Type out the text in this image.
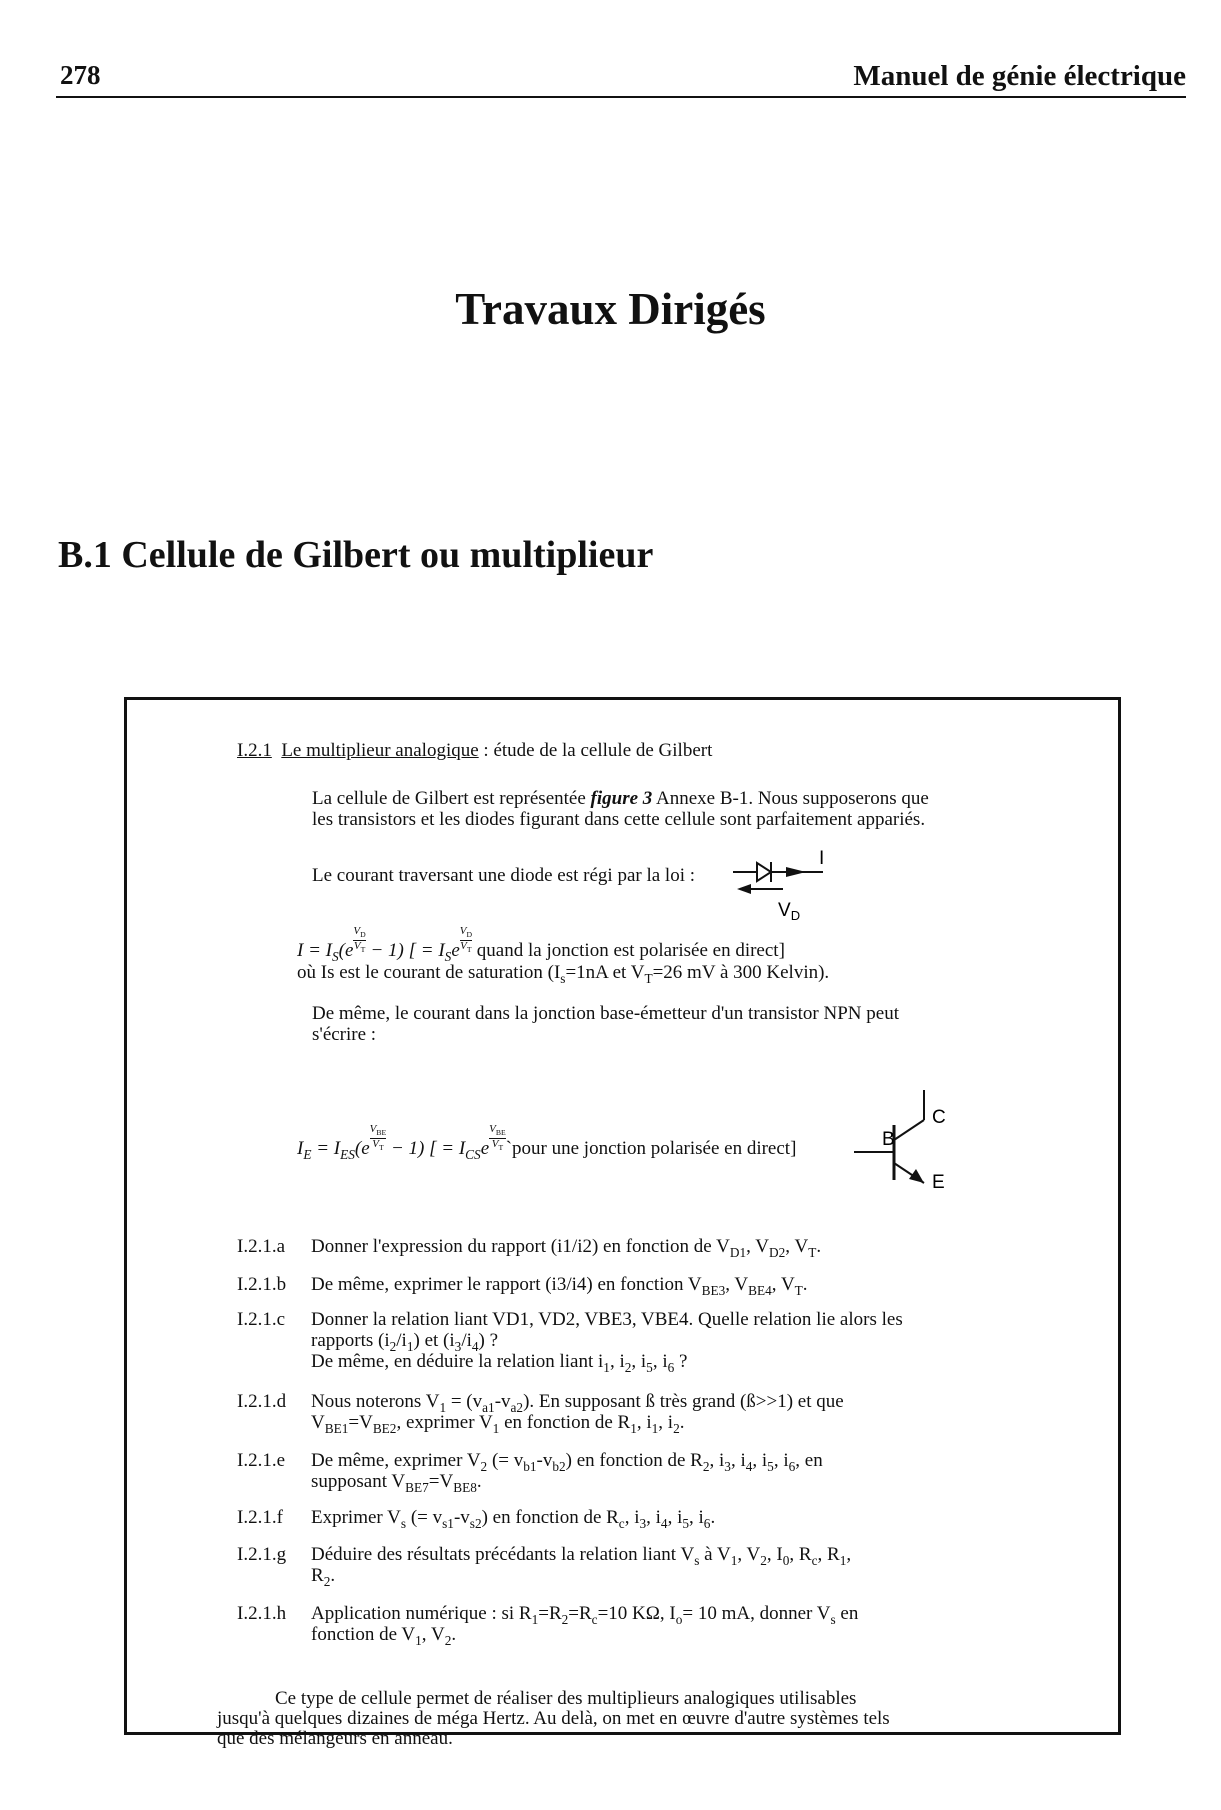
278	Manuel de génie électrique
Travaux Dirigés
B.1 Cellule de Gilbert ou multiplieur
I.2.1 Le multiplieur analogique : étude de la cellule de Gilbert
La cellule de Gilbert est représentée figure 3 Annexe B-1. Nous supposerons que
les transistors et les diodes figurant dans cette cellule sont parfaitement appariés.
Le courant traversant une diode est régi par la loi :
I
$V_D$
$I = I_S(e \frac{V_D}{V_T} - 1)$ [ = $I_Se \frac{V_D}{V_T}$ quand la jonction est polarisée en direct]
où Is est le courant de saturation ($I_s=1nA$ et $V_T=26$ mV à 300 Kelvin).
De même, le courant dans la jonction base-émetteur d'un transistor NPN peut
s'écrire :
$I_E = I_{ES}(e$
$V_{BE}$
$V_T - 1$) [ = $I_{CS}e$
$V_{BE}$
$V_T$ `pour une jonction polarisée en direct]	B
C
E
I.2.1.a Donner l'expression du rapport (i1/i2) en fonction de $V_{D1}$, $V_{D2}$, $V_T$.
I.2.1.b De même, exprimer le rapport (i3/i4) en fonction $V_{BE3}$, $V_{BE4}$, $V_T$.
I.2.1.c Donner la relation liant VD1, VD2, VBE3, VBE4. Quelle relation lie alors les
rapports $(i_2/i_1)$ et $(i_3/i_4)$ ?
De même, en déduire la relation liant $i_1$, $i_2$, $i_5$, $i_6$ ?
I.2.1.d Nous noterons $V_1 = (v_{a1}-v_{a2})$. En supposant ß très grand (ß>>1) et que
$V_{BE1}=V_{BE2}$, exprimer $V_1$ en fonction de $R_1$, $i_1$, $i_2$.
I.2.1.e De même, exprimer $V_2$ (= $v_{b1}-v_{b2}$) en fonction de $R_2$, $i_3$, $i_4$, $i_5$, $i_6$, en
supposant $V_{BE7}=V_{BE8}$.
I.2.1.f Exprimer $V_s$ (= $v_{s1}-v_{s2}$) en fonction de $R_c$, $i_3$, $i_4$, $i_5$, $i_6$.
I.2.1.g Déduire des résultats précédants la relation liant $V_s$ à $V_1$, $V_2$, $I_0$, $R_c$, $R_1$,
$R_2$.
I.2.1.h Application numérique : si $R_1=R_2=R_c=10$ KΩ, $I_o= 10$ mA, donner $V_s$ en
fonction de $V_1$, $V_2$.
Ce type de cellule permet de réaliser des multiplieurs analogiques utilisables
jusqu'à quelques dizaines de méga Hertz. Au delà, on met en œuvre d'autre systèmes tels
que des mélangeurs en anneau.
